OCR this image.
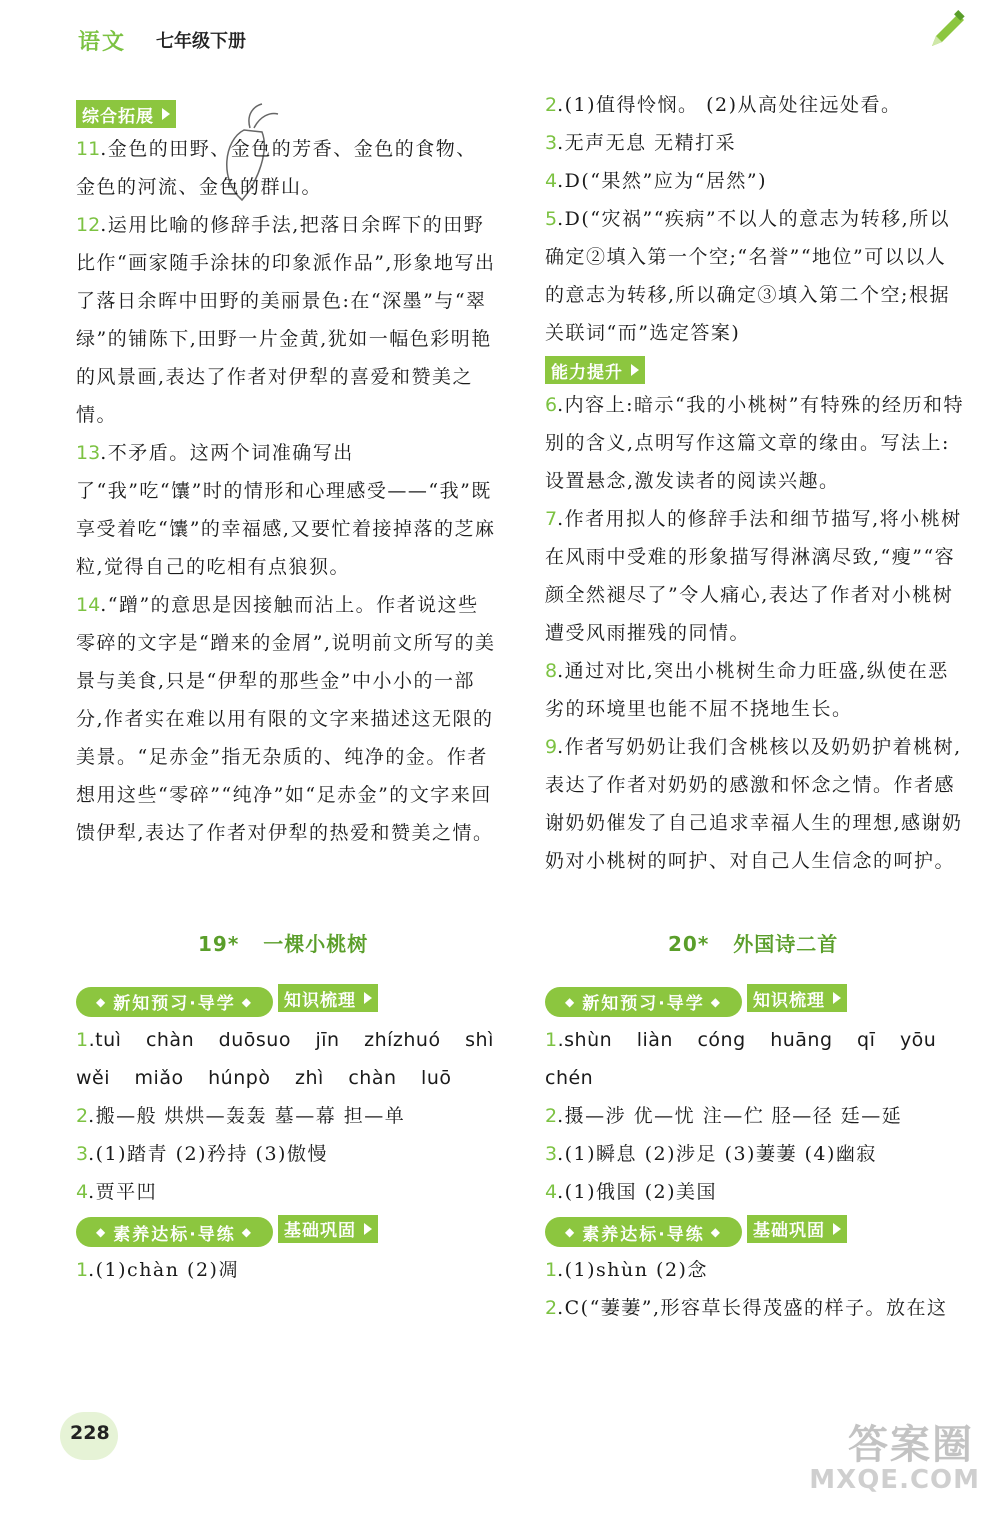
语文 七年级下册
综合拓展

11.金色的田野、金色的芳香、金色的食物、金色的河流、金色的群山。

12.运用比喻的修辞手法,把落日余晖下的田野比作“画家随手涂抹的印象派作品”,形象地写出了落日余晖中田野的美丽景色:在“深墨”与“翠绿”的铺陈下,田野一片金黄,犹如一幅色彩明艳的风景画,表达了作者对伊犁的喜爱和赞美之情。

13.不矛盾。这两个词准确写出了“我”吃“馕”时的情形和心理感受——“我”既享受着吃“馕”的幸福感,又要忙着接掉落的芝麻粒,觉得自己的吃相有点狼狈。

14.“蹭”的意思是因接触而沾上。作者说这些零碎的文字是“蹭来的金屑”,说明前文所写的美景与美食,只是“伊犁的那些金”中小小的一部分,作者实在难以用有限的文字来描述这无限的美景。“足赤金”指无杂质的、纯净的金。作者想用这些“零碎”“纯净”如“足赤金”的文字来回馈伊犁,表达了作者对伊犁的热爱和赞美之情。

2.(1)值得怜悯。 (2)从高处往远处看。

3.无声无息 无精打采

4.D(“果然”应为“居然”)

5.D(“灾祸”“疾病”不以人的意志为转移,所以确定②填入第一个空;“名誉”“地位”可以以人的意志为转移,所以确定③填入第二个空;根据关联词“而”选定答案)

能力提升

6.内容上:暗示“我的小桃树”有特殊的经历和特别的含义,点明写作这篇文章的缘由。写法上:设置悬念,激发读者的阅读兴趣。

7.作者用拟人的修辞手法和细节描写,将小桃树在风雨中受难的形象描写得淋漓尽致,“瘦”“容颜全然褪尽了”令人痛心,表达了作者对小桃树遭受风雨摧残的同情。

8.通过对比,突出小桃树生命力旺盛,纵使在恶劣的环境里也能不屈不挠地生长。

9.作者写奶奶让我们含桃核以及奶奶护着桃树,表达了作者对奶奶的感激和怀念之情。作者感谢奶奶催发了自己追求幸福人生的理想,感谢奶奶对小桃树的呵护、对自己人生信念的呵护。

19* 一棵小桃树	20* 外国诗二首
◆ 新知预习·导学 ◆
知识梳理

1.tuì chàn duōsuo jīn zhízhuó shì

wěi miǎo húnpò zhì chàn luō

2.搬—般 烘烘—轰轰 墓—幕 担—单

3.(1)踏青 (2)矜持 (3)傲慢

4.贾平凹

◆ 素养达标·导练 ◆
基础巩固

1.(1)chàn (2)凋

◆ 新知预习·导学 ◆
知识梳理

1.shùn liàn cóng huāng qī yōu chén

2.摄—涉 优—忧 注—伫 胫—径 廷—延

3.(1)瞬息 (2)涉足 (3)萋萋 (4)幽寂

4.(1)俄国 (2)美国

◆ 素养达标·导练 ◆
基础巩固

1.(1)shùn (2)念

2.C(“萋萋”,形容草长得茂盛的样子。放在这

228	答案圈
MXQE.COM
